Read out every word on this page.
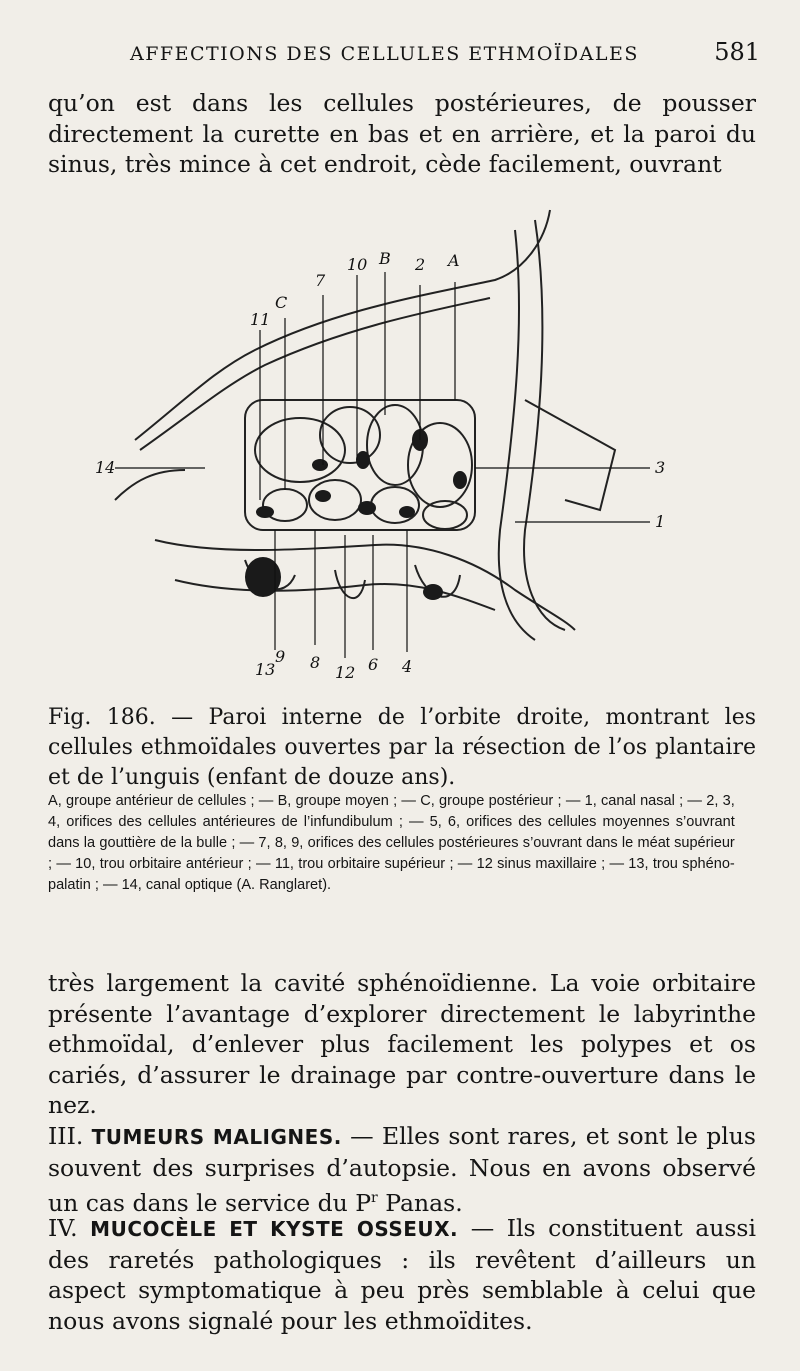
AFFECTIONS DES CELLULES ETHMOÏDALES	581

qu’on est dans les cellules postérieures, de pousser directement la curette en bas et en arrière, et la paroi du sinus, très mince à cet endroit, cède facilement, ouvrant

11
C
7
10 B 2 A
14	3
1
13
9 8
12 6 4

Fig. 186. — Paroi interne de l’orbite droite, montrant les cellules ethmoïdales ouvertes par la résection de l’os plantaire et de l’unguis (enfant de douze ans).

A, groupe antérieur de cellules ; — B, groupe moyen ; — C, groupe postérieur ; — 1, canal nasal ; — 2, 3, 4, orifices des cellules antérieures de l’infundibulum ; — 5, 6, orifices des cellules moyennes s’ouvrant dans la gouttière de la bulle ; — 7, 8, 9, orifices des cellules postérieures s’ouvrant dans le méat supérieur ; — 10, trou orbitaire antérieur ; — 11, trou orbitaire supérieur ; — 12 sinus maxillaire ; — 13, trou sphéno-palatin ; — 14, canal optique (A. Ranglaret).

très largement la cavité sphénoïdienne. La voie orbitaire présente l’avantage d’explorer directement le labyrinthe ethmoïdal, d’enlever plus facilement les polypes et os cariés, d’assurer le drainage par contre-ouverture dans le nez.

III. TUMEURS MALIGNES. — Elles sont rares, et sont le plus souvent des surprises d’autopsie. Nous en avons observé un cas dans le service du $P^r$ Panas.

IV. MUCOCÈLE ET KYSTE OSSEUX. — Ils constituent aussi des raretés pathologiques : ils revêtent d’ailleurs un aspect symptomatique à peu près semblable à celui que nous avons signalé pour les ethmoïdites.
